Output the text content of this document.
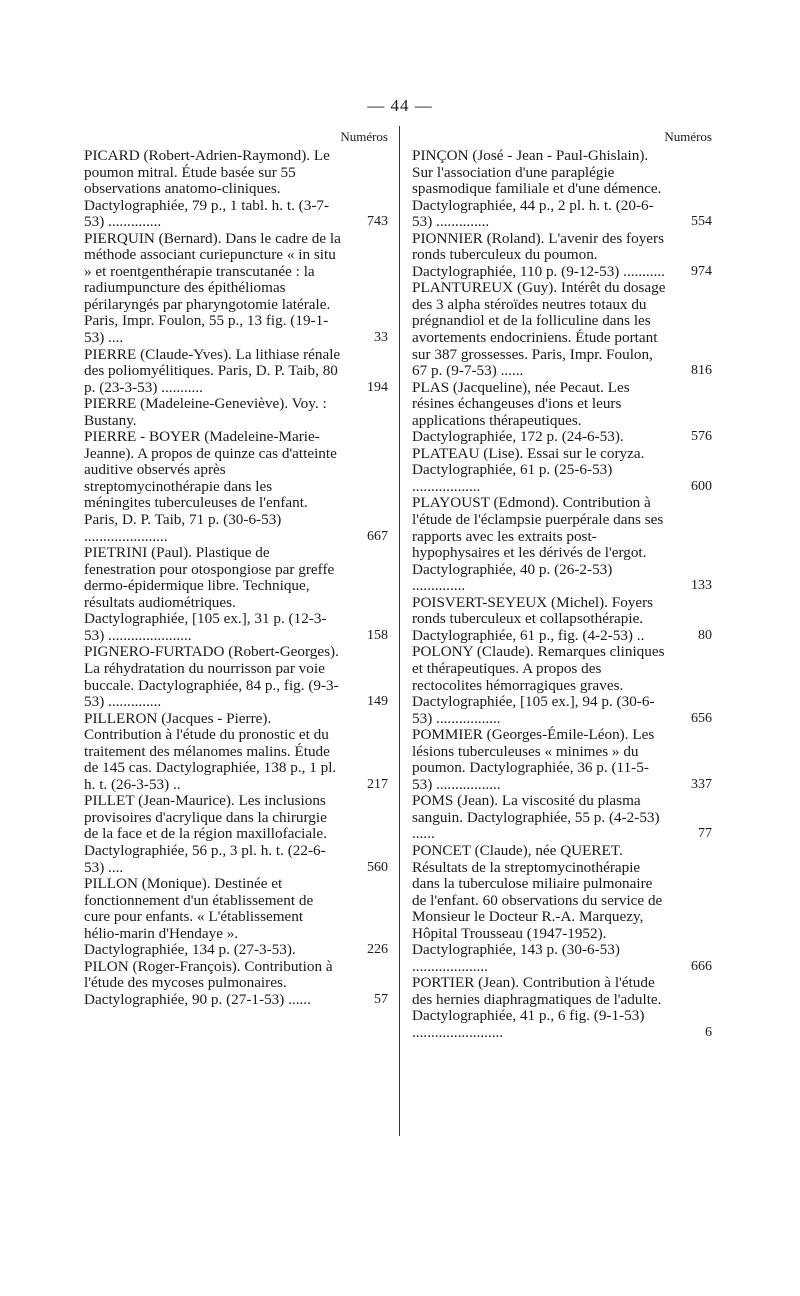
— 44 —
Numéros
PICARD (Robert-Adrien-Raymond). Le poumon mitral. Étude basée sur 55 observations anatomo-cliniques. Dactylographiée, 79 p., 1 tabl. h. t. (3-7-53) ..............	743
PIERQUIN (Bernard). Dans le cadre de la méthode associant curiepuncture « in situ » et roentgenthérapie transcutanée : la radiumpuncture des épithéliomas périlaryngés par pharyngotomie latérale. Paris, Impr. Foulon, 55 p., 13 fig. (19-1-53) ....	33
PIERRE (Claude-Yves). La lithiase rénale des poliomyélitiques. Paris, D. P. Taib, 80 p. (23-3-53) ...........	194
PIERRE (Madeleine-Geneviève). Voy. : Bustany.
PIERRE - BOYER (Madeleine-Marie-Jeanne). A propos de quinze cas d'atteinte auditive observés après streptomycinothérapie dans les méningites tuberculeuses de l'enfant. Paris, D. P. Taib, 71 p. (30-6-53) ......................	667
PIETRINI (Paul). Plastique de fenestration pour otospongiose par greffe dermo-épidermique libre. Technique, résultats audiométriques. Dactylographiée, [105 ex.], 31 p. (12-3-53) ......................	158
PIGNERO-FURTADO (Robert-Georges). La réhydratation du nourrisson par voie buccale. Dactylographiée, 84 p., fig. (9-3-53) ..............	149
PILLERON (Jacques - Pierre). Contribution à l'étude du pronostic et du traitement des mélanomes malins. Étude de 145 cas. Dactylographiée, 138 p., 1 pl. h. t. (26-3-53) ..	217
PILLET (Jean-Maurice). Les inclusions provisoires d'acrylique dans la chirurgie de la face et de la région maxillofaciale. Dactylographiée, 56 p., 3 pl. h. t. (22-6-53) ....	560
PILLON (Monique). Destinée et fonctionnement d'un établissement de cure pour enfants. « L'établissement hélio-marin d'Hendaye ». Dactylographiée, 134 p. (27-3-53).	226
PILON (Roger-François). Contribution à l'étude des mycoses pulmonaires. Dactylographiée, 90 p. (27-1-53) ......	57
Numéros
PINÇON (José - Jean - Paul-Ghislain). Sur l'association d'une paraplégie spasmodique familiale et d'une démence. Dactylographiée, 44 p., 2 pl. h. t. (20-6-53) ..............	554
PIONNIER (Roland). L'avenir des foyers ronds tuberculeux du poumon. Dactylographiée, 110 p. (9-12-53) ........... 974
PLANTUREUX (Guy). Intérêt du dosage des 3 alpha stéroïdes neutres totaux du prégnandiol et de la folliculine dans les avortements endocriniens. Étude portant sur 387 grossesses. Paris, Impr. Foulon, 67 p. (9-7-53) ......	816
PLAS (Jacqueline), née Pecaut. Les résines échangeuses d'ions et leurs applications thérapeutiques. Dactylographiée, 172 p. (24-6-53).	576
PLATEAU (Lise). Essai sur le coryza. Dactylographiée, 61 p. (25-6-53) ..................	600
PLAYOUST (Edmond). Contribution à l'étude de l'éclampsie puerpérale dans ses rapports avec les extraits post-hypophysaires et les dérivés de l'ergot. Dactylographiée, 40 p. (26-2-53) ..............	133
POISVERT-SEYEUX (Michel). Foyers ronds tuberculeux et collapsothérapie. Dactylographiée, 61 p., fig. (4-2-53) ..	80
POLONY (Claude). Remarques cliniques et thérapeutiques. A propos des rectocolites hémorragiques graves. Dactylographiée, [105 ex.], 94 p. (30-6-53) .................	656
POMMIER (Georges-Émile-Léon). Les lésions tuberculeuses « minimes » du poumon. Dactylographiée, 36 p. (11-5-53) .................	337
POMS (Jean). La viscosité du plasma sanguin. Dactylographiée, 55 p. (4-2-53) ......	77
PONCET (Claude), née QUERET. Résultats de la streptomycinothérapie dans la tuberculose miliaire pulmonaire de l'enfant. 60 observations du service de Monsieur le Docteur R.-A. Marquezy, Hôpital Trousseau (1947-1952). Dactylographiée, 143 p. (30-6-53) ....................	666
PORTIER (Jean). Contribution à l'étude des hernies diaphragmatiques de l'adulte. Dactylographiée, 41 p., 6 fig. (9-1-53) ........................	6
